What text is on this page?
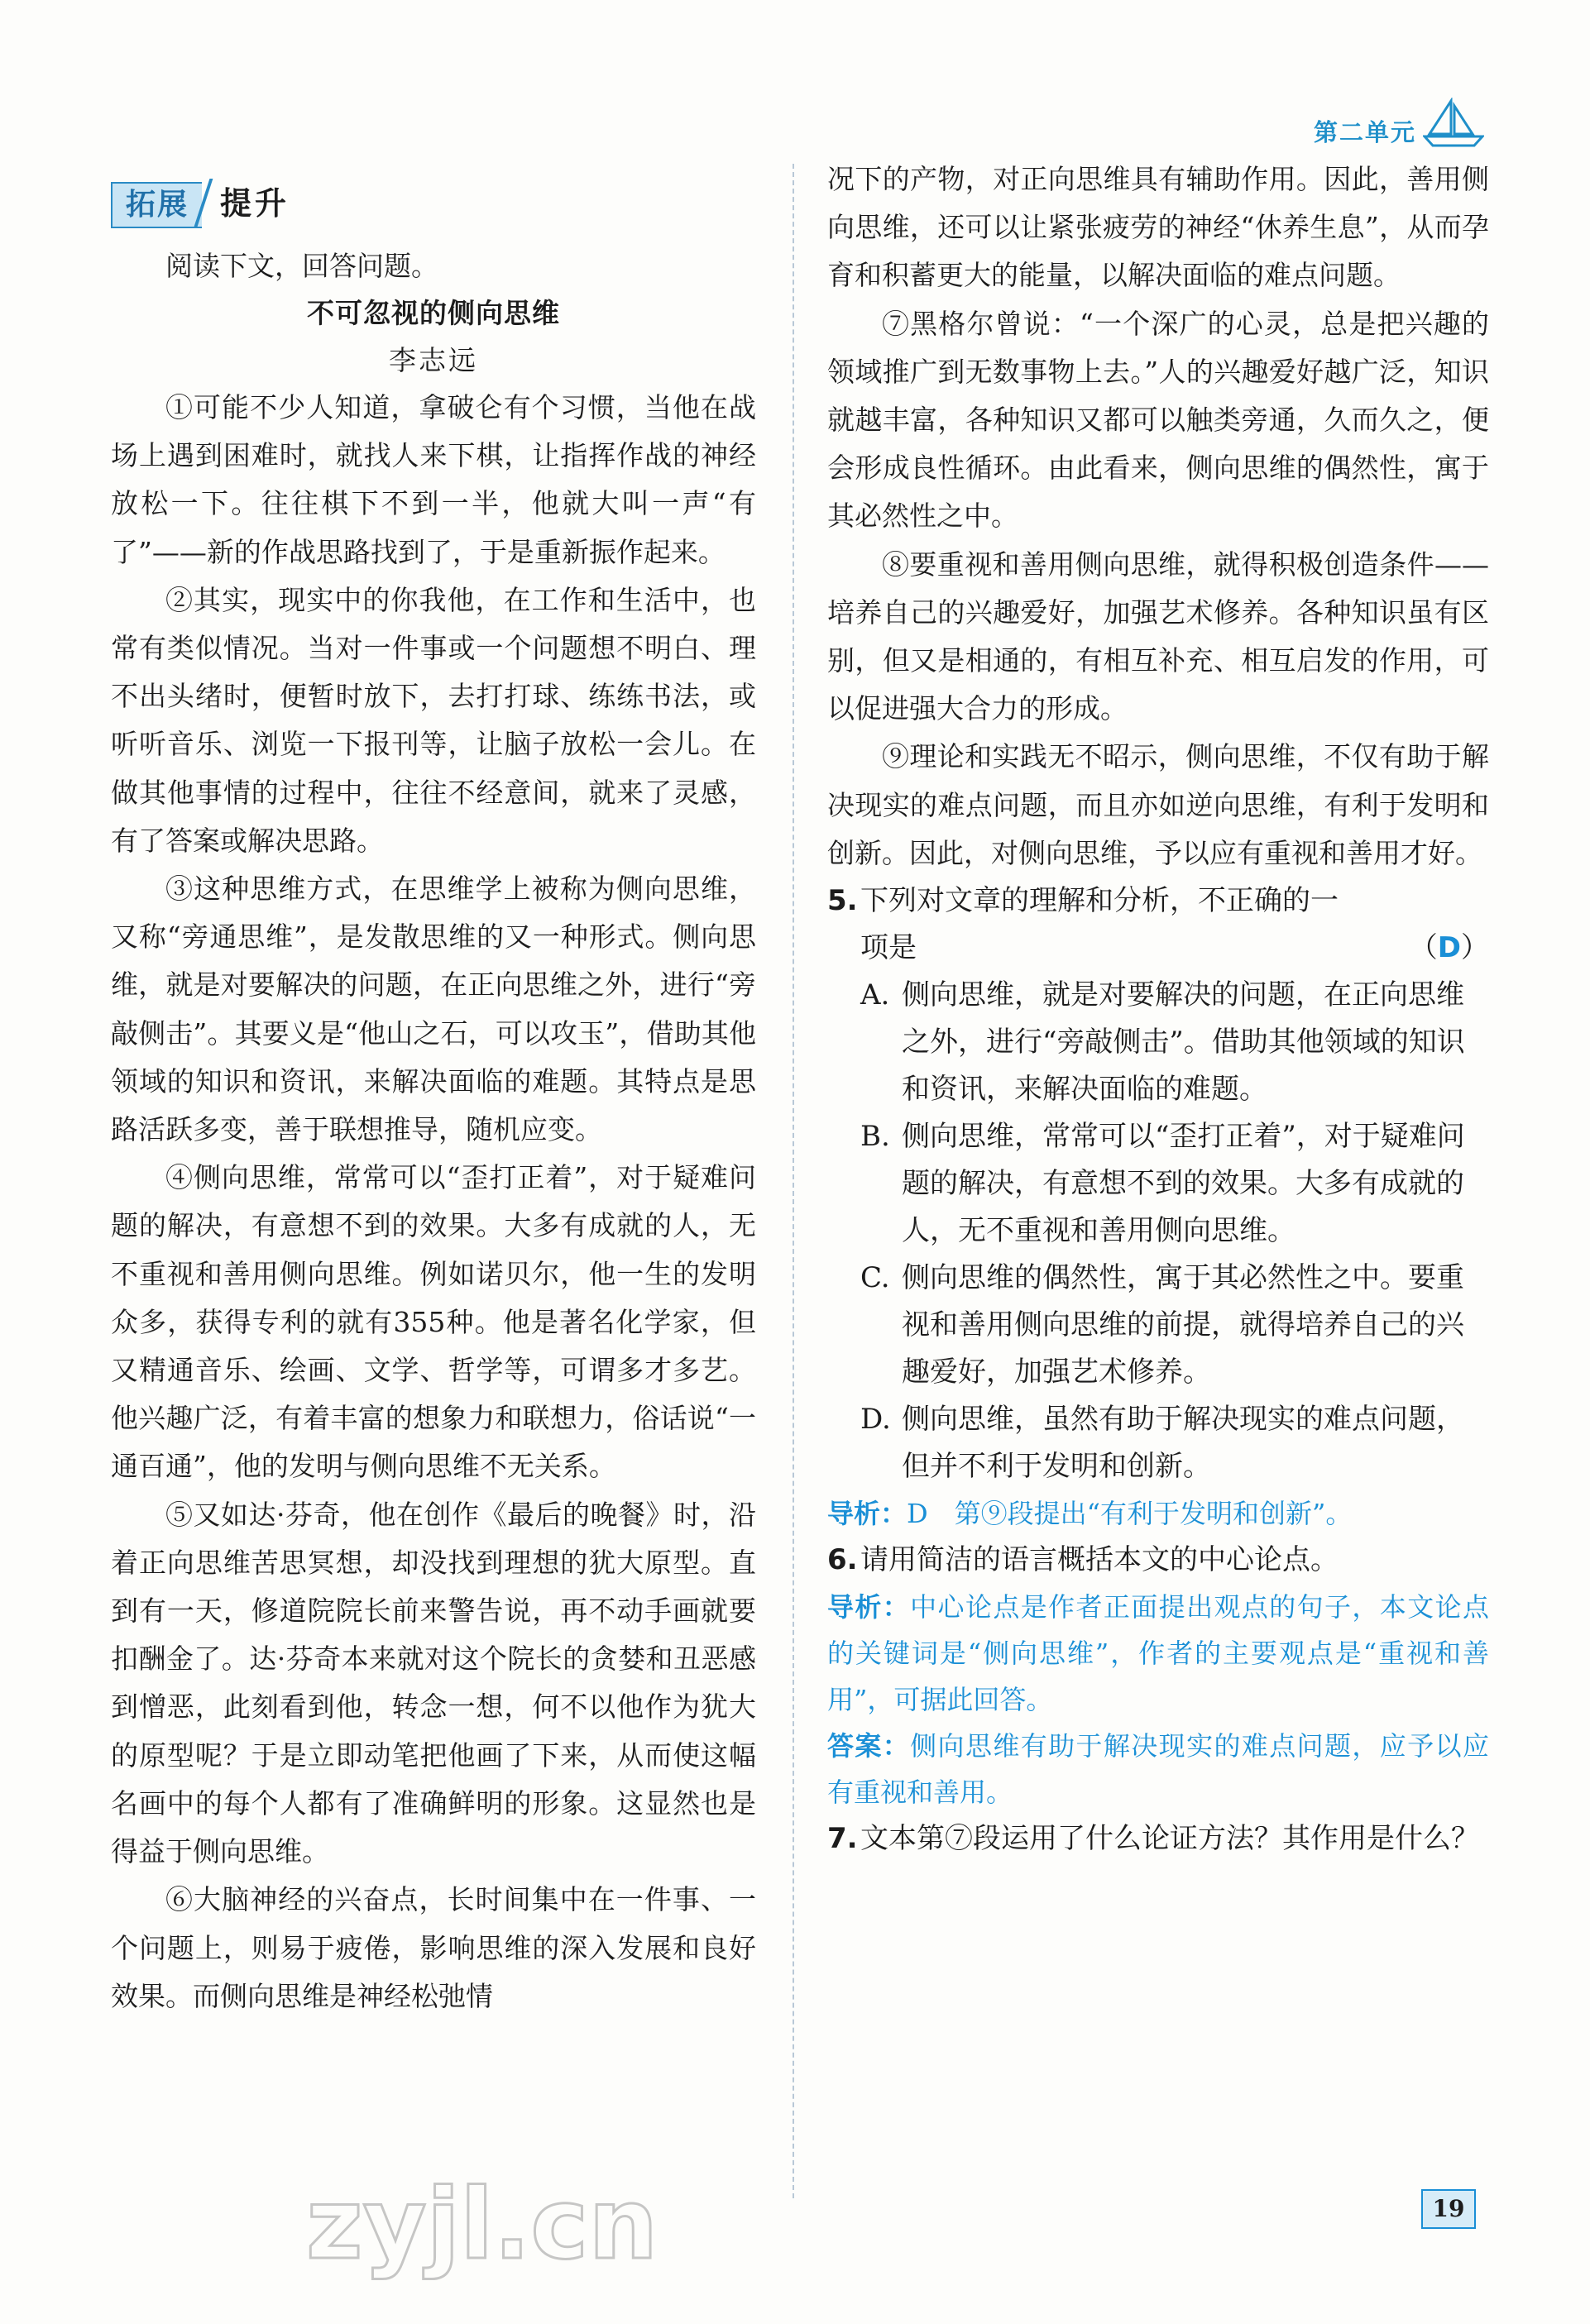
第二单元
拓展	提升

阅读下文，回答问题。

不可忽视的侧向思维

李志远

①可能不少人知道，拿破仑有个习惯，当他在战场上遇到困难时，就找人来下棋，让指挥作战的神经放松一下。往往棋下不到一半，他就大叫一声“有了”——新的作战思路找到了，于是重新振作起来。

②其实，现实中的你我他，在工作和生活中，也常有类似情况。当对一件事或一个问题想不明白、理不出头绪时，便暂时放下，去打打球、练练书法，或听听音乐、浏览一下报刊等，让脑子放松一会儿。在做其他事情的过程中，往往不经意间，就来了灵感，有了答案或解决思路。

③这种思维方式，在思维学上被称为侧向思维，又称“旁通思维”，是发散思维的又一种形式。侧向思维，就是对要解决的问题，在正向思维之外，进行“旁敲侧击”。其要义是“他山之石，可以攻玉”，借助其他领域的知识和资讯，来解决面临的难题。其特点是思路活跃多变，善于联想推导，随机应变。

④侧向思维，常常可以“歪打正着”，对于疑难问题的解决，有意想不到的效果。大多有成就的人，无不重视和善用侧向思维。例如诺贝尔，他一生的发明众多，获得专利的就有355种。他是著名化学家，但又精通音乐、绘画、文学、哲学等，可谓多才多艺。他兴趣广泛，有着丰富的想象力和联想力，俗话说“一通百通”，他的发明与侧向思维不无关系。

⑤又如达·芬奇，他在创作《最后的晚餐》时，沿着正向思维苦思冥想，却没找到理想的犹大原型。直到有一天，修道院院长前来警告说，再不动手画就要扣酬金了。达·芬奇本来就对这个院长的贪婪和丑恶感到憎恶，此刻看到他，转念一想，何不以他作为犹大的原型呢？于是立即动笔把他画了下来，从而使这幅名画中的每个人都有了准确鲜明的形象。这显然也是得益于侧向思维。

⑥大脑神经的兴奋点，长时间集中在一件事、一个问题上，则易于疲倦，影响思维的深入发展和良好效果。而侧向思维是神经松弛情

况下的产物，对正向思维具有辅助作用。因此，善用侧向思维，还可以让紧张疲劳的神经“休养生息”，从而孕育和积蓄更大的能量，以解决面临的难点问题。

⑦黑格尔曾说：“一个深广的心灵，总是把兴趣的领域推广到无数事物上去。”人的兴趣爱好越广泛，知识就越丰富，各种知识又都可以触类旁通，久而久之，便会形成良性循环。由此看来，侧向思维的偶然性，寓于其必然性之中。

⑧要重视和善用侧向思维，就得积极创造条件——培养自己的兴趣爱好，加强艺术修养。各种知识虽有区别，但又是相通的，有相互补充、相互启发的作用，可以促进强大合力的形成。

⑨理论和实践无不昭示，侧向思维，不仅有助于解决现实的难点问题，而且亦如逆向思维，有利于发明和创新。因此，对侧向思维，予以应有重视和善用才好。

5. 下列对文章的理解和分析，不正确的一

项是	（D）

A. 侧向思维，就是对要解决的问题，在正向思维之外，进行“旁敲侧击”。借助其他领域的知识和资讯，来解决面临的难题。

B. 侧向思维，常常可以“歪打正着”，对于疑难问题的解决，有意想不到的效果。大多有成就的人，无不重视和善用侧向思维。

C. 侧向思维的偶然性，寓于其必然性之中。要重视和善用侧向思维的前提，就得培养自己的兴趣爱好，加强艺术修养。

D. 侧向思维，虽然有助于解决现实的难点问题，但并不利于发明和创新。

导析：D　第⑨段提出“有利于发明和创新”。

6. 请用简洁的语言概括本文的中心论点。

导析：中心论点是作者正面提出观点的句子，本文论点的关键词是“侧向思维”，作者的主要观点是“重视和善用”，可据此回答。

答案：侧向思维有助于解决现实的难点问题，应予以应有重视和善用。

7. 文本第⑦段运用了什么论证方法？其作用是什么？

zyjl.cn	19
